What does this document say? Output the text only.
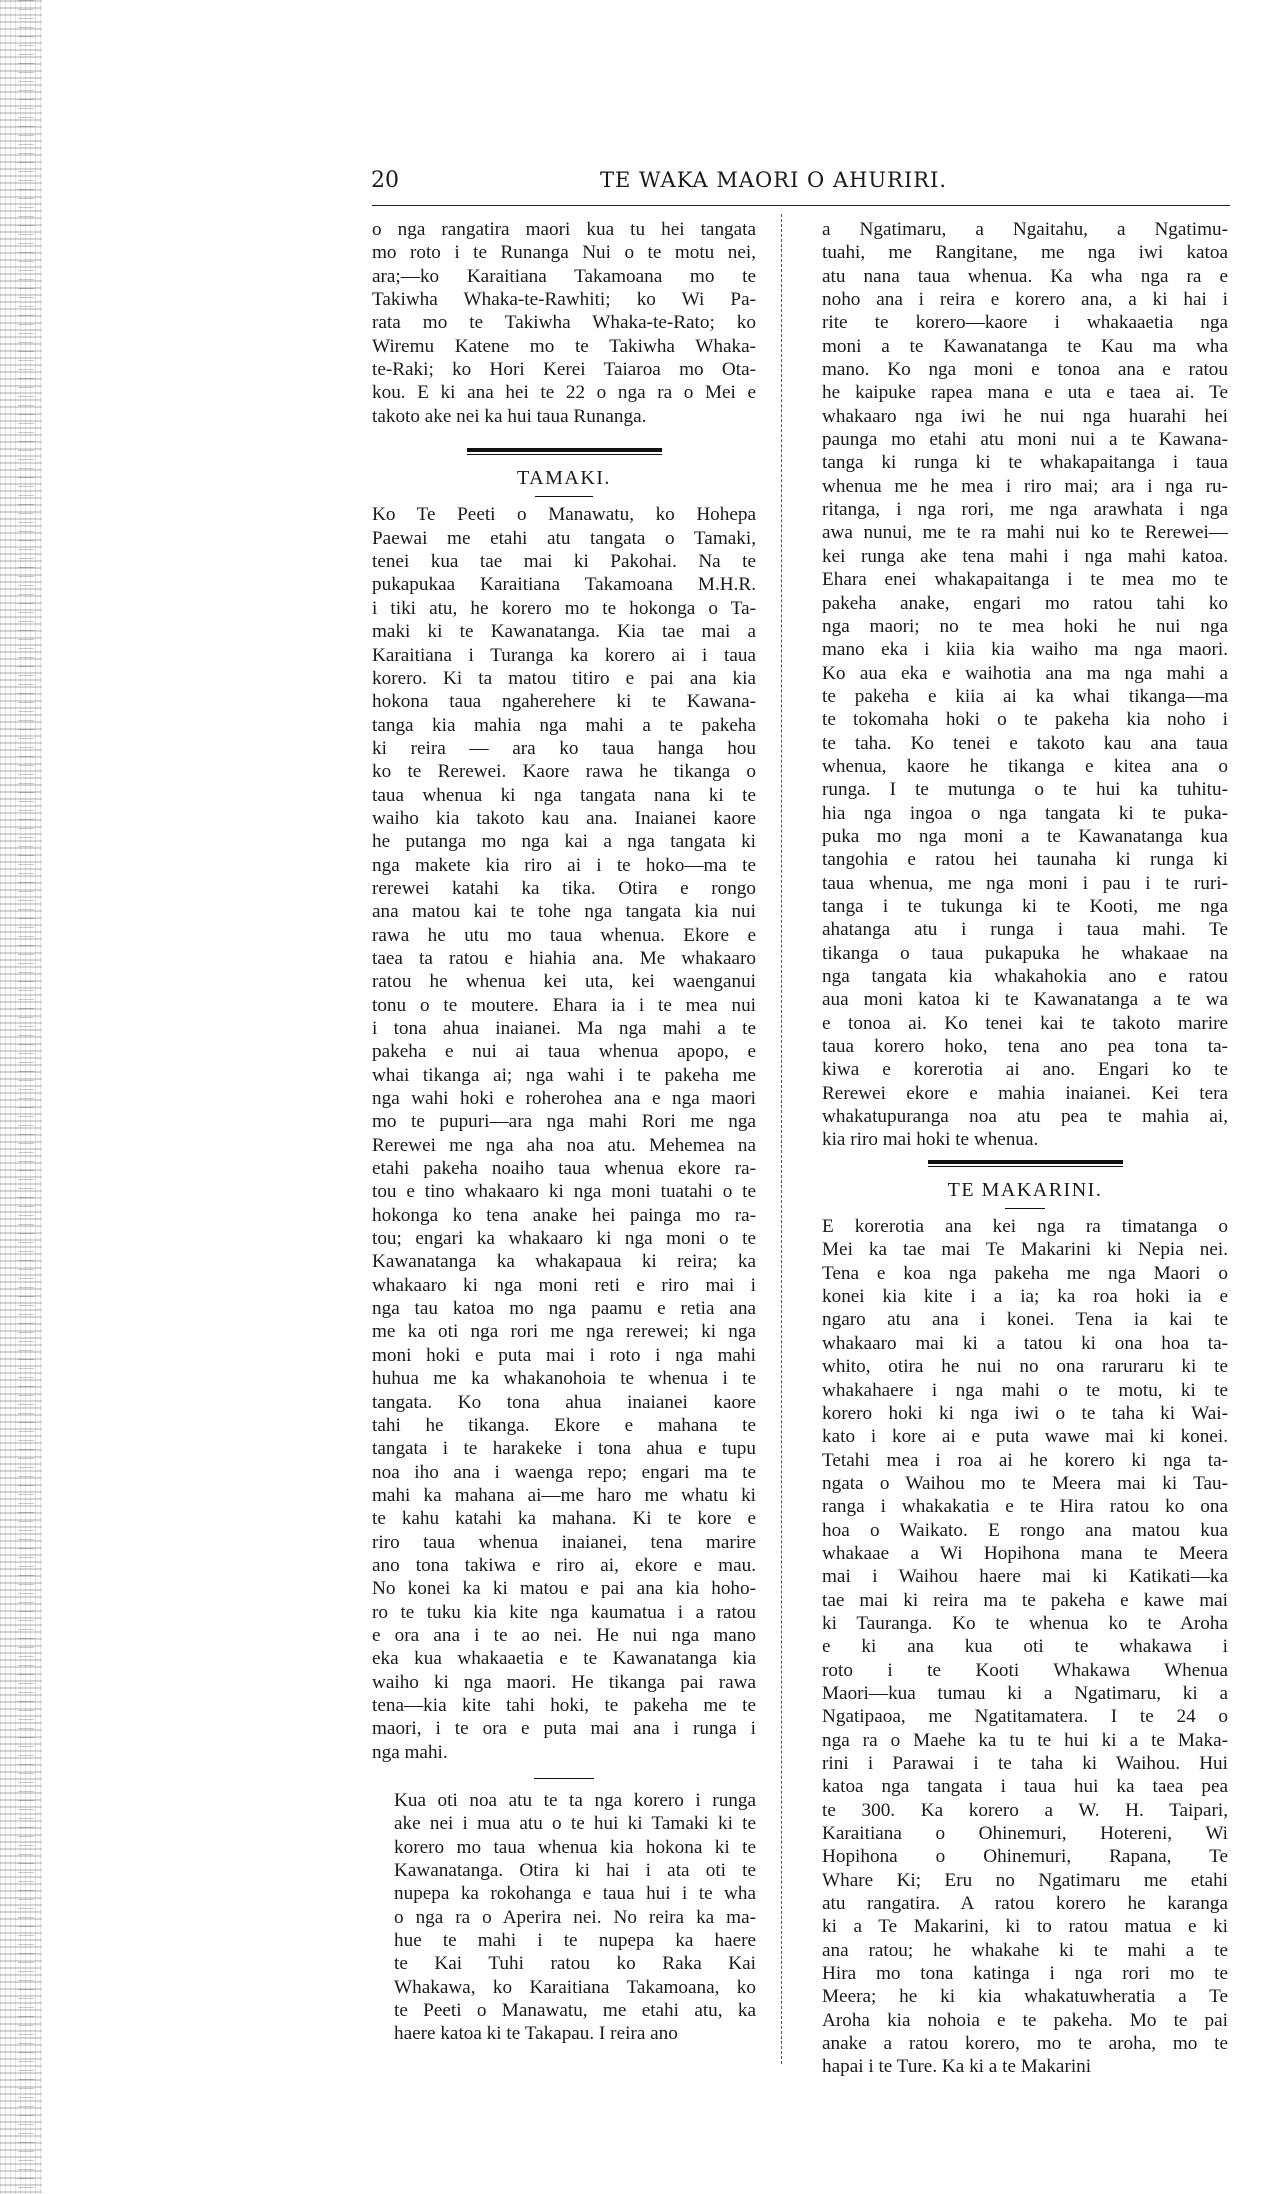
20	TE WAKA MAORI O AHURIRI.

o nga rangatira maori kua tu hei tangata
mo roto i te Runanga Nui o te motu nei,
ara;—ko Karaitiana Takamoana mo te
Takiwha Whaka-te-Rawhiti; ko Wi Pa-
rata mo te Takiwha Whaka-te-Rato; ko
Wiremu Katene mo te Takiwha Whaka-
te-Raki; ko Hori Kerei Taiaroa mo Ota-
kou. E ki ana hei te 22 o nga ra o Mei e
takoto ake nei ka hui taua Runanga.

TAMAKI.

Ko Te Peeti o Manawatu, ko Hohepa
Paewai me etahi atu tangata o Tamaki,
tenei kua tae mai ki Pakohai. Na te
pukapukaa Karaitiana Takamoana M.H.R.
i tiki atu, he korero mo te hokonga o Ta-
maki ki te Kawanatanga. Kia tae mai a
Karaitiana i Turanga ka korero ai i taua
korero. Ki ta matou titiro e pai ana kia
hokona taua ngaherehere ki te Kawana-
tanga kia mahia nga mahi a te pakeha
ki reira — ara ko taua hanga hou
ko te Rerewei. Kaore rawa he tikanga o
taua whenua ki nga tangata nana ki te
waiho kia takoto kau ana. Inaianei kaore
he putanga mo nga kai a nga tangata ki
nga makete kia riro ai i te hoko—ma te
rerewei katahi ka tika. Otira e rongo
ana matou kai te tohe nga tangata kia nui
rawa he utu mo taua whenua. Ekore e
taea ta ratou e hiahia ana. Me whakaaro
ratou he whenua kei uta, kei waenganui
tonu o te moutere. Ehara ia i te mea nui
i tona ahua inaianei. Ma nga mahi a te
pakeha e nui ai taua whenua apopo, e
whai tikanga ai; nga wahi i te pakeha me
nga wahi hoki e roherohea ana e nga maori
mo te pupuri—ara nga mahi Rori me nga
Rerewei me nga aha noa atu. Mehemea na
etahi pakeha noaiho taua whenua ekore ra-
tou e tino whakaaro ki nga moni tuatahi o te
hokonga ko tena anake hei painga mo ra-
tou; engari ka whakaaro ki nga moni o te
Kawanatanga ka whakapaua ki reira; ka
whakaaro ki nga moni reti e riro mai i
nga tau katoa mo nga paamu e retia ana
me ka oti nga rori me nga rerewei; ki nga
moni hoki e puta mai i roto i nga mahi
huhua me ka whakanohoia te whenua i te
tangata. Ko tona ahua inaianei kaore
tahi he tikanga. Ekore e mahana te
tangata i te harakeke i tona ahua e tupu
noa iho ana i waenga repo; engari ma te
mahi ka mahana ai—me haro me whatu ki
te kahu katahi ka mahana. Ki te kore e
riro taua whenua inaianei, tena marire
ano tona takiwa e riro ai, ekore e mau.
No konei ka ki matou e pai ana kia hoho-
ro te tuku kia kite nga kaumatua i a ratou
e ora ana i te ao nei. He nui nga mano
eka kua whakaaetia e te Kawanatanga kia
waiho ki nga maori. He tikanga pai rawa
tena—kia kite tahi hoki, te pakeha me te
maori, i te ora e puta mai ana i runga i
nga mahi.

Kua oti noa atu te ta nga korero i runga
ake nei i mua atu o te hui ki Tamaki ki te
korero mo taua whenua kia hokona ki te
Kawanatanga. Otira ki hai i ata oti te
nupepa ka rokohanga e taua hui i te wha
o nga ra o Aperira nei. No reira ka ma-
hue te mahi i te nupepa ka haere
te Kai Tuhi ratou ko Raka Kai
Whakawa, ko Karaitiana Takamoana, ko
te Peeti o Manawatu, me etahi atu, ka
haere katoa ki te Takapau. I reira ano

a Ngatimaru, a Ngaitahu, a Ngatimu-
tuahi, me Rangitane, me nga iwi katoa
atu nana taua whenua. Ka wha nga ra e
noho ana i reira e korero ana, a ki hai i
rite te korero—kaore i whakaaetia nga
moni a te Kawanatanga te Kau ma wha
mano. Ko nga moni e tonoa ana e ratou
he kaipuke rapea mana e uta e taea ai. Te
whakaaro nga iwi he nui nga huarahi hei
paunga mo etahi atu moni nui a te Kawana-
tanga ki runga ki te whakapaitanga i taua
whenua me he mea i riro mai; ara i nga ru-
ritanga, i nga rori, me nga arawhata i nga
awa nunui, me te ra mahi nui ko te Rerewei—
kei runga ake tena mahi i nga mahi katoa.
Ehara enei whakapaitanga i te mea mo te
pakeha anake, engari mo ratou tahi ko
nga maori; no te mea hoki he nui nga
mano eka i kiia kia waiho ma nga maori.
Ko aua eka e waihotia ana ma nga mahi a
te pakeha e kiia ai ka whai tikanga—ma
te tokomaha hoki o te pakeha kia noho i
te taha. Ko tenei e takoto kau ana taua
whenua, kaore he tikanga e kitea ana o
runga. I te mutunga o te hui ka tuhitu-
hia nga ingoa o nga tangata ki te puka-
puka mo nga moni a te Kawanatanga kua
tangohia e ratou hei taunaha ki runga ki
taua whenua, me nga moni i pau i te ruri-
tanga i te tukunga ki te Kooti, me nga
ahatanga atu i runga i taua mahi. Te
tikanga o taua pukapuka he whakaae na
nga tangata kia whakahokia ano e ratou
aua moni katoa ki te Kawanatanga a te wa
e tonoa ai. Ko tenei kai te takoto marire
taua korero hoko, tena ano pea tona ta-
kiwa e korerotia ai ano. Engari ko te
Rerewei ekore e mahia inaianei. Kei tera
whakatupuranga noa atu pea te mahia ai,
kia riro mai hoki te whenua.

TE MAKARINI.

E korerotia ana kei nga ra timatanga o
Mei ka tae mai Te Makarini ki Nepia nei.
Tena e koa nga pakeha me nga Maori o
konei kia kite i a ia; ka roa hoki ia e
ngaro atu ana i konei. Tena ia kai te
whakaaro mai ki a tatou ki ona hoa ta-
whito, otira he nui no ona raruraru ki te
whakahaere i nga mahi o te motu, ki te
korero hoki ki nga iwi o te taha ki Wai-
kato i kore ai e puta wawe mai ki konei.
Tetahi mea i roa ai he korero ki nga ta-
ngata o Waihou mo te Meera mai ki Tau-
ranga i whakakatia e te Hira ratou ko ona
hoa o Waikato. E rongo ana matou kua
whakaae a Wi Hopihona mana te Meera
mai i Waihou haere mai ki Katikati—ka
tae mai ki reira ma te pakeha e kawe mai
ki Tauranga. Ko te whenua ko te Aroha
e ki ana kua oti te whakawa i
roto i te Kooti Whakawa Whenua
Maori—kua tumau ki a Ngatimaru, ki a
Ngatipaoa, me Ngatitamatera. I te 24 o
nga ra o Maehe ka tu te hui ki a te Maka-
rini i Parawai i te taha ki Waihou. Hui
katoa nga tangata i taua hui ka taea pea
te 300. Ka korero a W. H. Taipari,
Karaitiana o Ohinemuri, Hotereni, Wi
Hopihona o Ohinemuri, Rapana, Te
Whare Ki; Eru no Ngatimaru me etahi
atu rangatira. A ratou korero he karanga
ki a Te Makarini, ki to ratou matua e ki
ana ratou; he whakahe ki te mahi a te
Hira mo tona katinga i nga rori mo te
Meera; he ki kia whakatuwheratia a Te
Aroha kia nohoia e te pakeha. Mo te pai
anake a ratou korero, mo te aroha, mo te
hapai i te Ture. Ka ki a te Makarini
